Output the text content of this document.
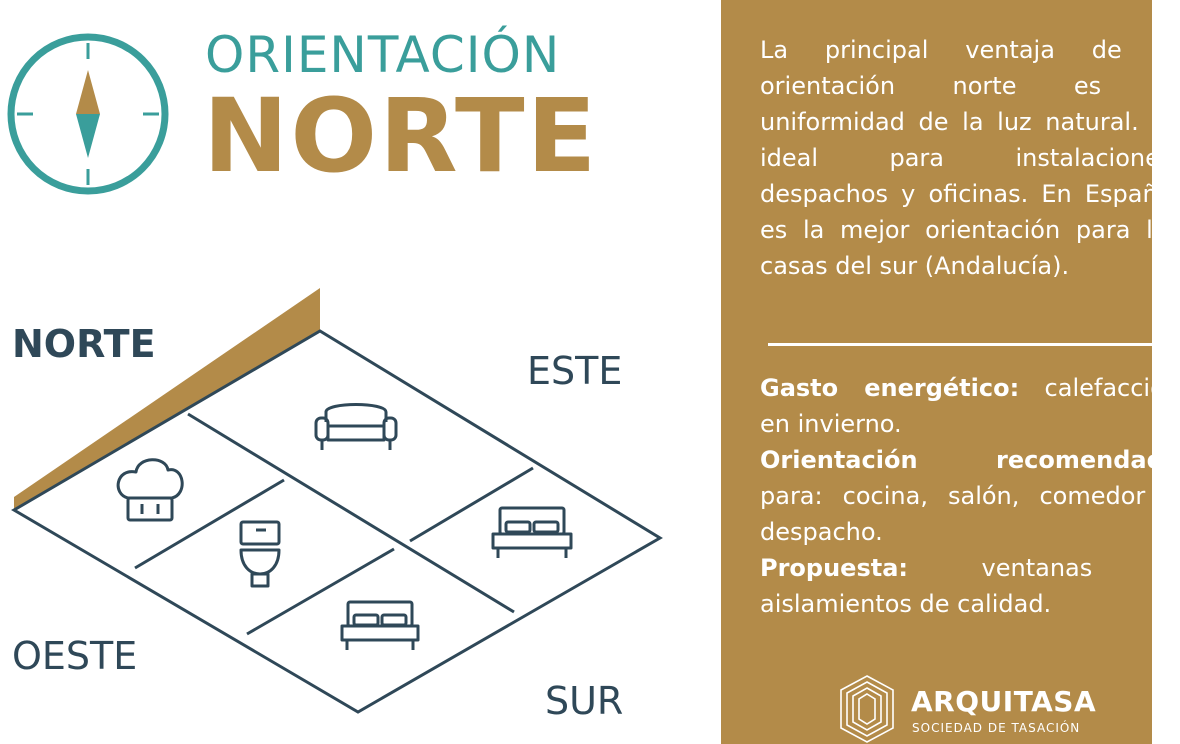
ORIENTACIÓN
NORTE
NORTE
ESTE
OESTE
SUR

La principal ventaja de la orientación norte es la uniformidad de la luz natural. Es ideal para instalaciones, despachos y oficinas. En España, es la mejor orientación para las casas del sur (Andalucía).

Gasto energético: calefacción en invierno.
Orientación recomendada para: cocina, salón, comedor o despacho.
Propuesta: ventanas y aislamientos de calidad.
ARQUITASA
SOCIEDAD DE TASACIÓN
